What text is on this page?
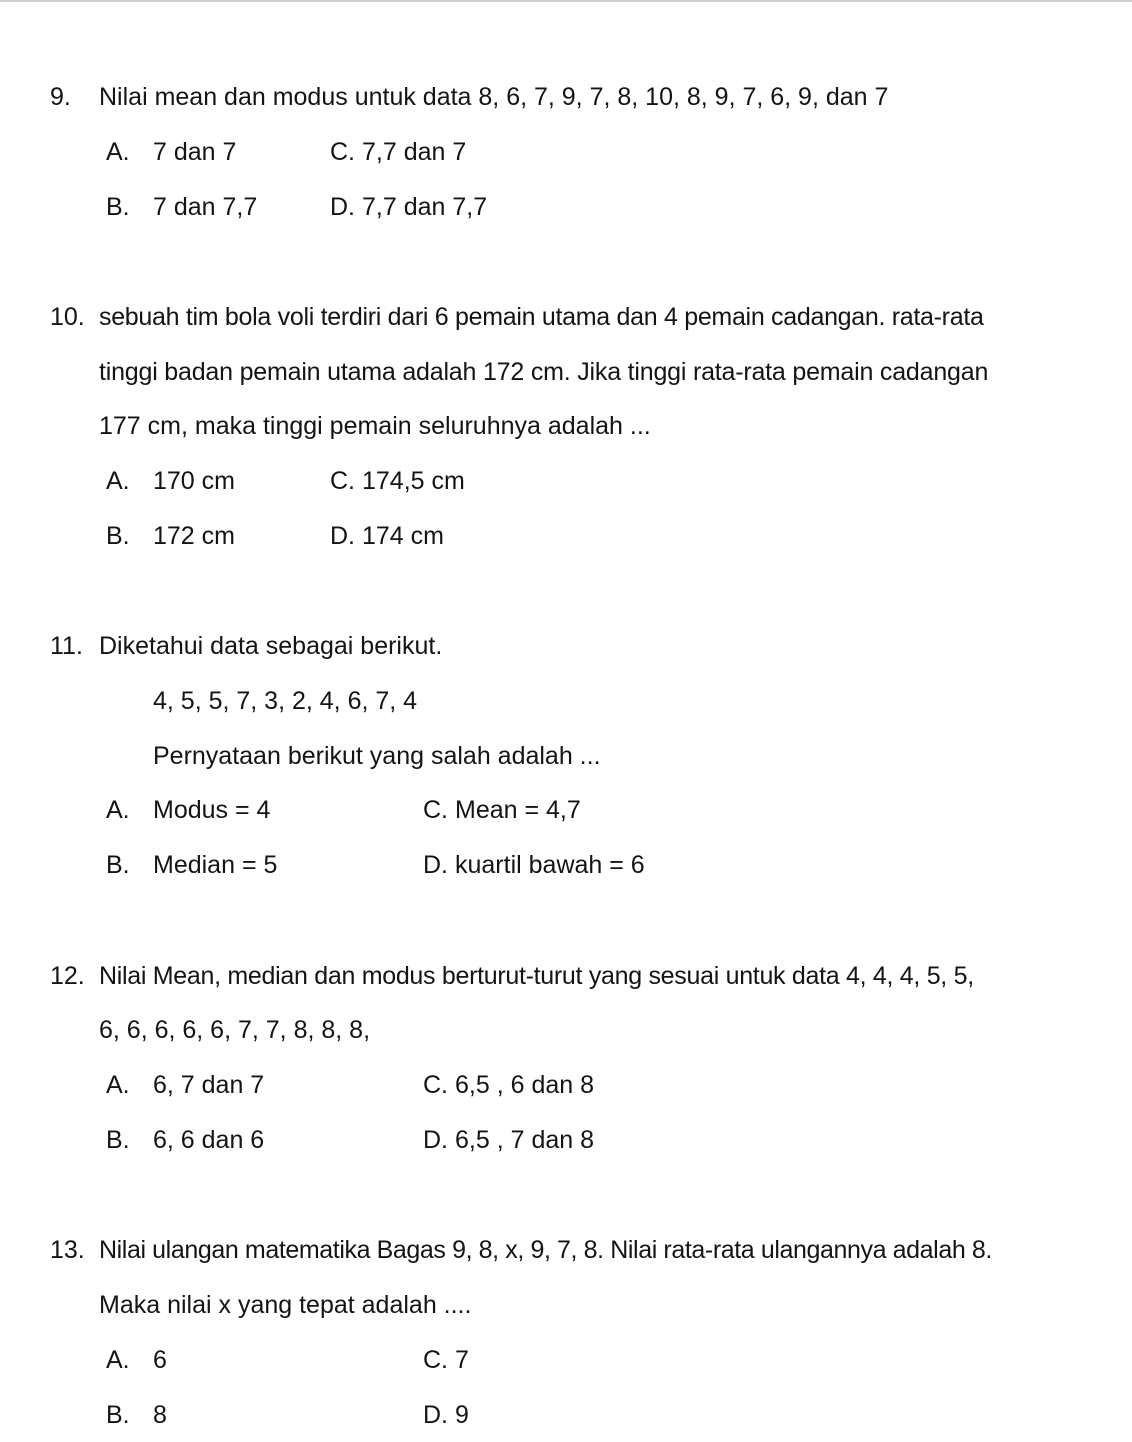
9. Nilai mean dan modus untuk data 8, 6, 7, 9, 7, 8, 10, 8, 9, 7, 6, 9, dan 7
A. 7 dan 7
B. 7 dan 7,7
C. 7,7 dan 7
D. 7,7 dan 7,7
10. sebuah tim bola voli terdiri dari 6 pemain utama dan 4 pemain cadangan. rata-rata
tinggi badan pemain utama adalah 172 cm. Jika tinggi rata-rata pemain cadangan
177 cm, maka tinggi pemain seluruhnya adalah ...
A. 170 cm
B. 172 cm
C. 174,5 cm
D. 174 cm
11. Diketahui data sebagai berikut.
4, 5, 5, 7, 3, 2, 4, 6, 7, 4
Pernyataan berikut yang salah adalah ...
A. Modus = 4
B. Median = 5
C. Mean = 4,7
D. kuartil bawah = 6
12. Nilai Mean, median dan modus berturut-turut yang sesuai untuk data 4, 4, 4, 5, 5,
6, 6, 6, 6, 6, 7, 7, 8, 8, 8,
A. 6, 7 dan 7
B. 6, 6 dan 6
C. 6,5 , 6 dan 8
D. 6,5 , 7 dan 8
13. Nilai ulangan matematika Bagas 9, 8, x, 9, 7, 8. Nilai rata-rata ulangannya adalah 8.
Maka nilai x yang tepat adalah ....
A. 6
B. 8
C. 7
D. 9
